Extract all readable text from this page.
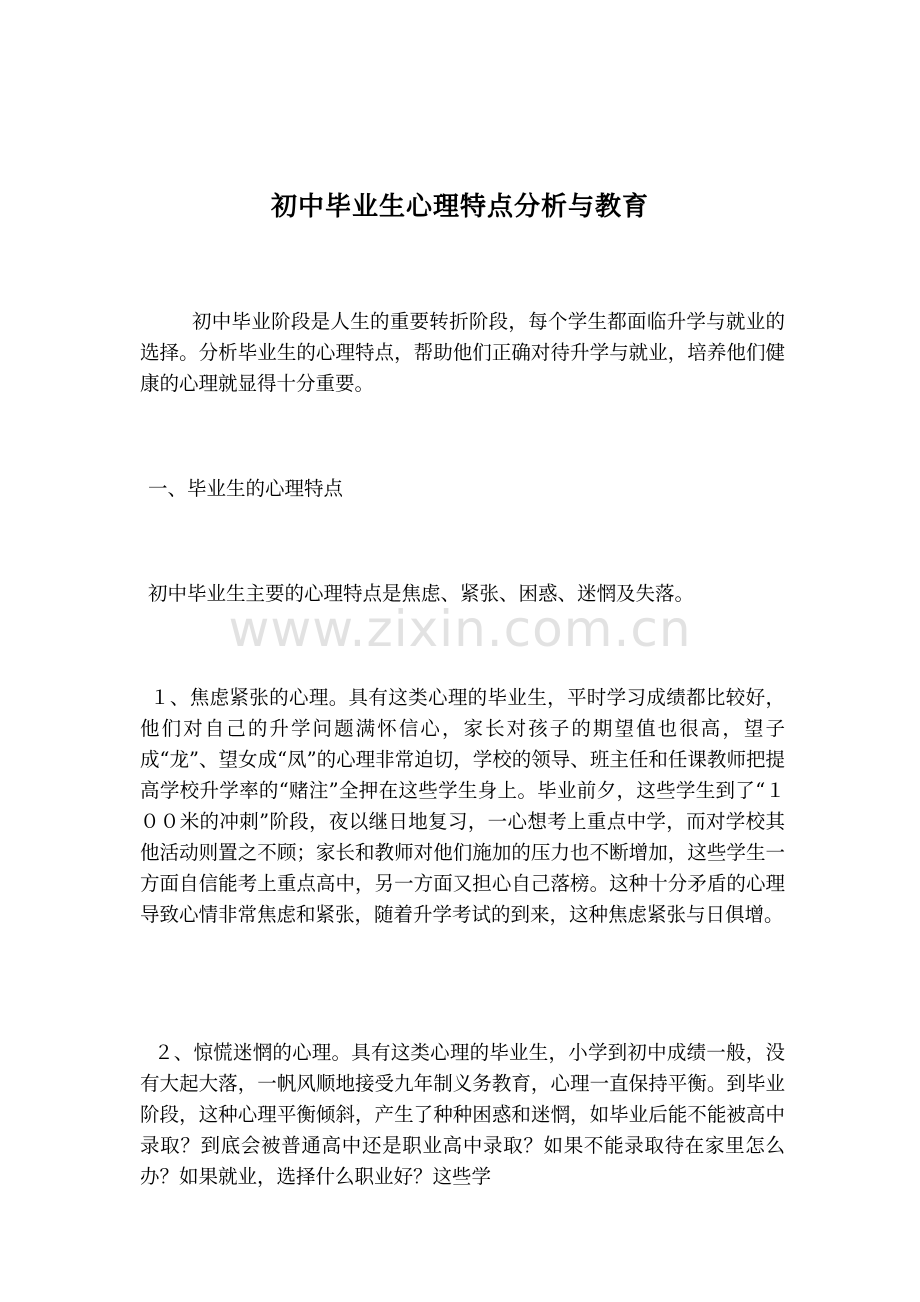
初中毕业生心理特点分析与教育

初中毕业阶段是人生的重要转折阶段，每个学生都面临升学与就业的选择。分析毕业生的心理特点，帮助他们正确对待升学与就业，培养他们健康的心理就显得十分重要。

一、毕业生的心理特点

初中毕业生主要的心理特点是焦虑、紧张、困惑、迷惘及失落。

www.zixin.com.cn

１、焦虑紧张的心理。具有这类心理的毕业生，平时学习成绩都比较好，他们对自己的升学问题满怀信心，家长对孩子的期望值也很高，望子成“龙”、望女成“凤”的心理非常迫切，学校的领导、班主任和任课教师把提高学校升学率的“赌注”全押在这些学生身上。毕业前夕，这些学生到了“１００米的冲刺”阶段，夜以继日地复习，一心想考上重点中学，而对学校其他活动则置之不顾；家长和教师对他们施加的压力也不断增加，这些学生一方面自信能考上重点高中，另一方面又担心自己落榜。这种十分矛盾的心理导致心情非常焦虑和紧张，随着升学考试的到来，这种焦虑紧张与日俱增。

２、惊慌迷惘的心理。具有这类心理的毕业生，小学到初中成绩一般，没有大起大落，一帆风顺地接受九年制义务教育，心理一直保持平衡。到毕业阶段，这种心理平衡倾斜，产生了种种困惑和迷惘，如毕业后能不能被高中录取？到底会被普通高中还是职业高中录取？如果不能录取待在家里怎么办？如果就业，选择什么职业好？这些学
